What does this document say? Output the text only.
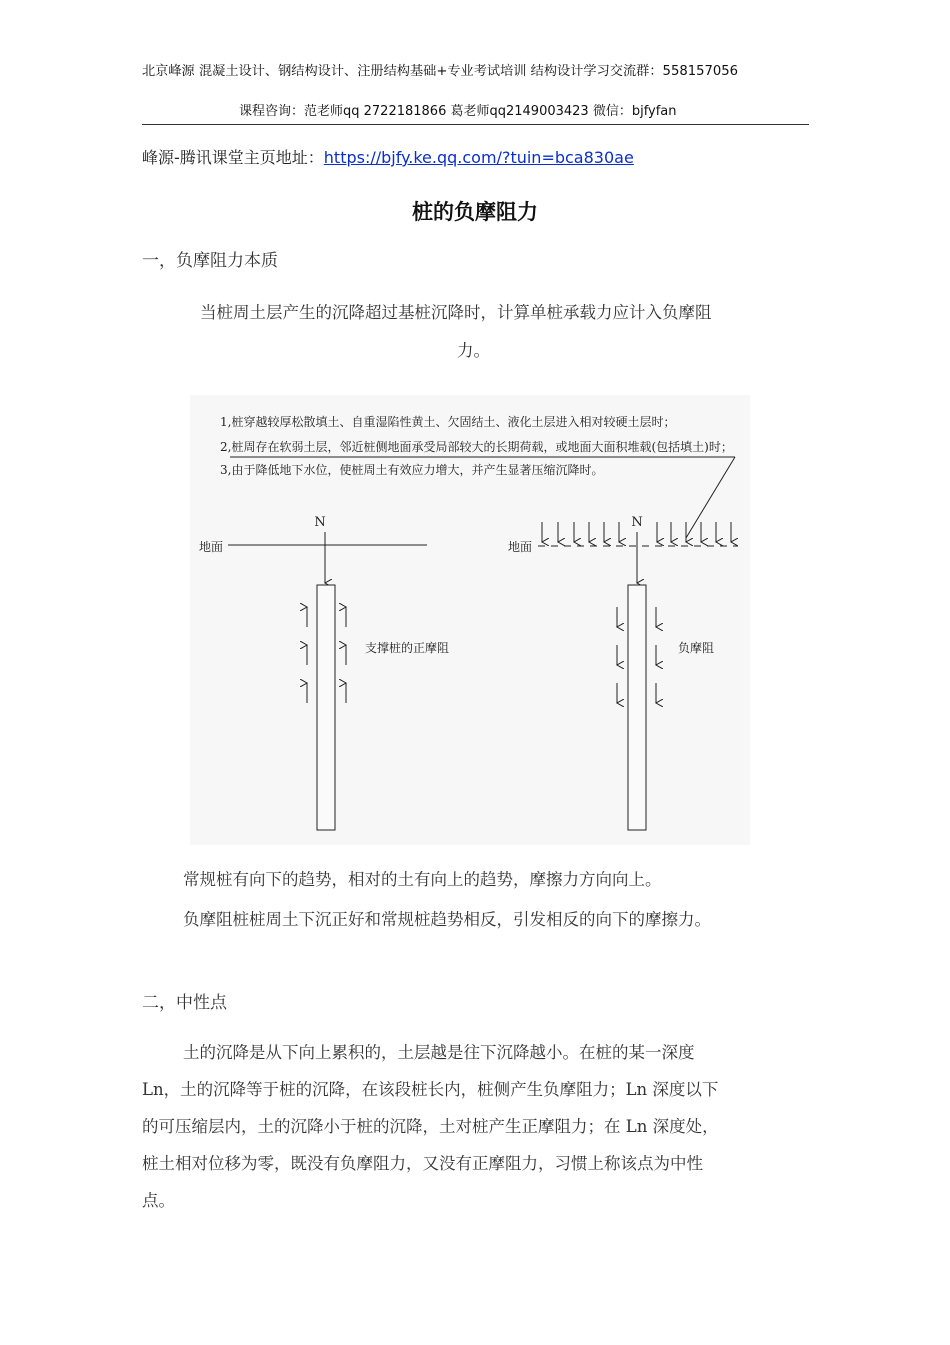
北京峰源 混凝土设计、钢结构设计、注册结构基础+专业考试培训 结构设计学习交流群：558157056
课程咨询：范老师qq 2722181866 葛老师qq2149003423 微信：bjfyfan
峰源-腾讯课堂主页地址：https://bjfy.ke.qq.com/?tuin=bca830ae
桩的负摩阻力
一，负摩阻力本质
当桩周土层产生的沉降超过基桩沉降时，计算单桩承载力应计入负摩阻
力。
1,桩穿越较厚松散填土、自重湿陷性黄土、欠固结土、液化土层进入相对较硬土层时；
2,桩周存在软弱土层，邻近桩侧地面承受局部较大的长期荷载，或地面大面积堆载(包括填土)时；
3,由于降低地下水位，使桩周土有效应力增大，并产生显著压缩沉降时。
地面
N
支撑桩的正摩阻
地面
N
负摩阻
常规桩有向下的趋势，相对的土有向上的趋势，摩擦力方向向上。
负摩阻桩桩周土下沉正好和常规桩趋势相反，引发相反的向下的摩擦力。
二，中性点
土的沉降是从下向上累积的，土层越是往下沉降越小。在桩的某一深度
Ln，土的沉降等于桩的沉降，在该段桩长内，桩侧产生负摩阻力；Ln 深度以下
的可压缩层内，土的沉降小于桩的沉降，土对桩产生正摩阻力；在 Ln 深度处，
桩土相对位移为零，既没有负摩阻力，又没有正摩阻力，习惯上称该点为中性
点。
